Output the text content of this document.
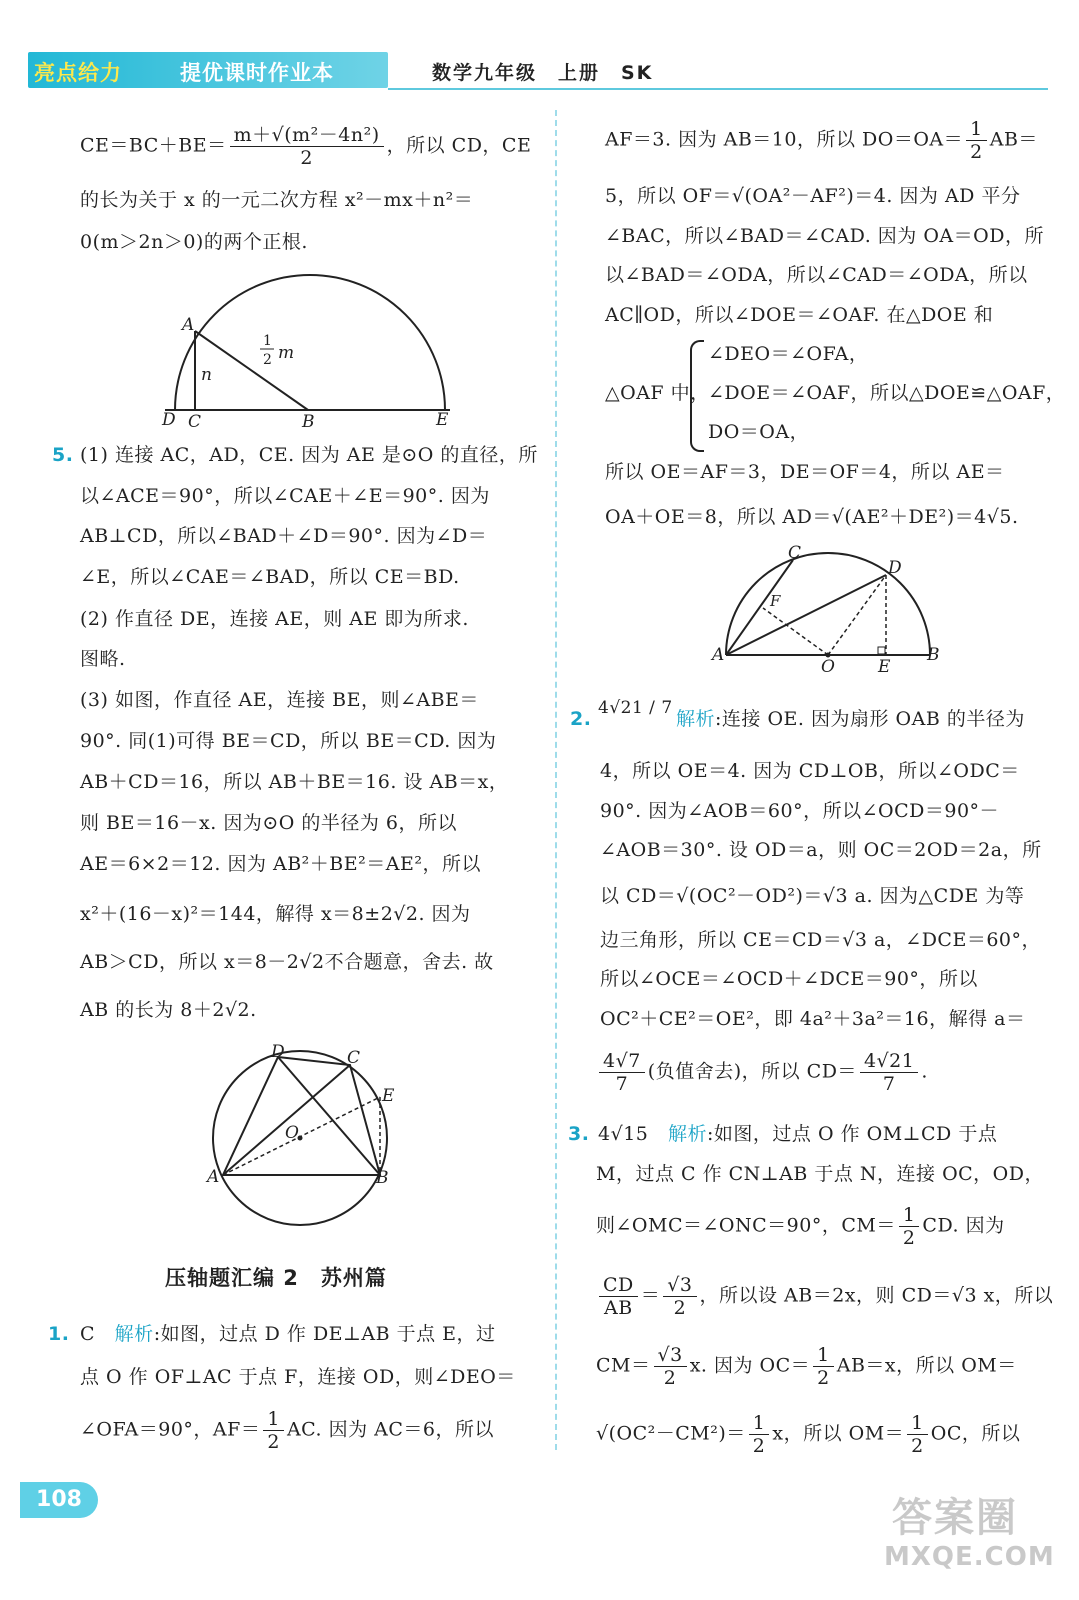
亮点给力	提优课时作业本	数学九年级　上册　SK
$CE=BC+BE= \frac{\text{m＋√(m²－4n²)}}{2}$ ，所以 CD，CE
的长为关于 x 的一元二次方程 x²－mx＋n²＝
0(m＞2n＞0)的两个正根.
A
n
1
2 m
D C	B	E
5. (1) 连接 AC，AD，CE. 因为 AE 是⊙O 的直径，所
以∠ACE＝90°，所以∠CAE＋∠E＝90°. 因为
AB⊥CD，所以∠BAD＋∠D＝90°. 因为∠D＝
∠E，所以∠CAE＝∠BAD，所以 CE＝BD.
(2) 作直径 DE，连接 AE，则 AE 即为所求.
图略.
(3) 如图，作直径 AE，连接 BE，则∠ABE＝
90°. 同(1)可得 BE＝CD，所以 BE＝CD. 因为
AB＋CD＝16，所以 AB＋BE＝16. 设 AB＝x，
则 BE＝16－x. 因为⊙O 的半径为 6，所以
AE＝6×2＝12. 因为 AB²＋BE²＝AE²，所以
x²＋(16－x)²＝144，解得 x＝8±2√2. 因为
AB＞CD，所以 x＝8－2√2不合题意，舍去. 故
AB 的长为 8＋2√2.
D	C
E
O
A	B
压轴题汇编 2　苏州篇
1. C 解析:如图，过点 D 作 DE⊥AB 于点 E，过
点 O 作 OF⊥AC 于点 F，连接 OD，则∠DEO＝
∠OFA＝90°，$AF= \frac{1}{2}$ AC. 因为 AC＝6，所以
AF＝3. 因为 AB＝10，所以 $DO=OA= \frac{1}{2} AB=$
5，所以 OF＝√(OA²－AF²)＝4. 因为 AD 平分
∠BAC，所以∠BAD＝∠CAD. 因为 OA＝OD，所
以∠BAD＝∠ODA，所以∠CAD＝∠ODA，所以
AC∥OD，所以∠DOE＝∠OAF. 在△DOE 和
△OAF 中，
∠DEO＝∠OFA，
∠DOE＝∠OAF，所以△DOE≌△OAF，
DO＝OA，
所以 OE＝AF＝3，DE＝OF＝4，所以 AE＝
OA＋OE＝8，所以 AD＝√(AE²＋DE²)＝4√5.
C
D
F
A
O	E
B
2. 4√21 / 7 解析:连接 OE. 因为扇形 OAB 的半径为
4，所以 OE＝4. 因为 CD⊥OB，所以∠ODC＝
90°. 因为∠AOB＝60°，所以∠OCD＝90°－
∠AOB＝30°. 设 OD＝a，则 OC＝2OD＝2a，所
以 CD＝√(OC²－OD²)＝√3 a. 因为△CDE 为等
边三角形，所以 CE＝CD＝√3 a，∠DCE＝60°，
所以∠OCE＝∠OCD＋∠DCE＝90°，所以
OC²＋CE²＝OE²，即 4a²＋3a²＝16，解得 a＝
$\frac{4√7}{7}$ (负值舍去)，所以 $CD= \frac{4√21}{7}$ .
3. 4√15 解析:如图，过点 O 作 OM⊥CD 于点
M，过点 C 作 CN⊥AB 于点 N，连接 OC，OD，
则∠OMC＝∠ONC＝90°，$CM= \frac{1}{2}$ CD. 因为
$\frac{CD}{AB} = \frac{√3}{2}$ ，所以设 AB＝2x，则 CD＝√3 x，所以
$CM= \frac{√3}{2} x$. 因为 $OC= \frac{1}{2} AB=x$，所以 OM＝
$√(OC^2-CM^2)= \frac{1}{2}$ x，所以 $OM= \frac{1}{2}$ OC，所以
108	答案圈
MXQE.COM
